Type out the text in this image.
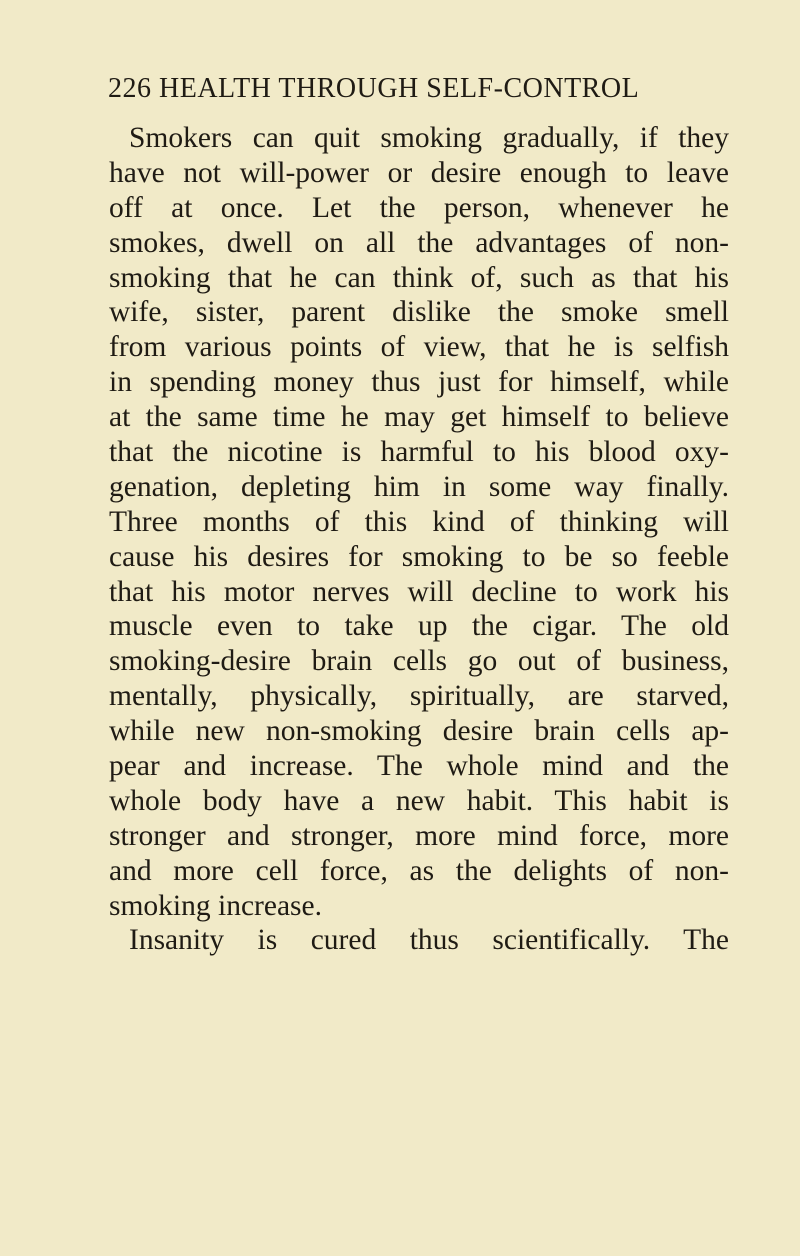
226 HEALTH THROUGH SELF-CONTROL
Smokers can quit smoking gradually, if they
have not will-power or desire enough to leave
off at once. Let the person, whenever he
smokes, dwell on all the advantages of non-
smoking that he can think of, such as that his
wife, sister, parent dislike the smoke smell
from various points of view, that he is selfish
in spending money thus just for himself, while
at the same time he may get himself to believe
that the nicotine is harmful to his blood oxy-
genation, depleting him in some way finally.
Three months of this kind of thinking will
cause his desires for smoking to be so feeble
that his motor nerves will decline to work his
muscle even to take up the cigar. The old
smoking-desire brain cells go out of business,
mentally, physically, spiritually, are starved,
while new non-smoking desire brain cells ap-
pear and increase. The whole mind and the
whole body have a new habit. This habit is
stronger and stronger, more mind force, more
and more cell force, as the delights of non-
smoking increase.
Insanity is cured thus scientifically. The
